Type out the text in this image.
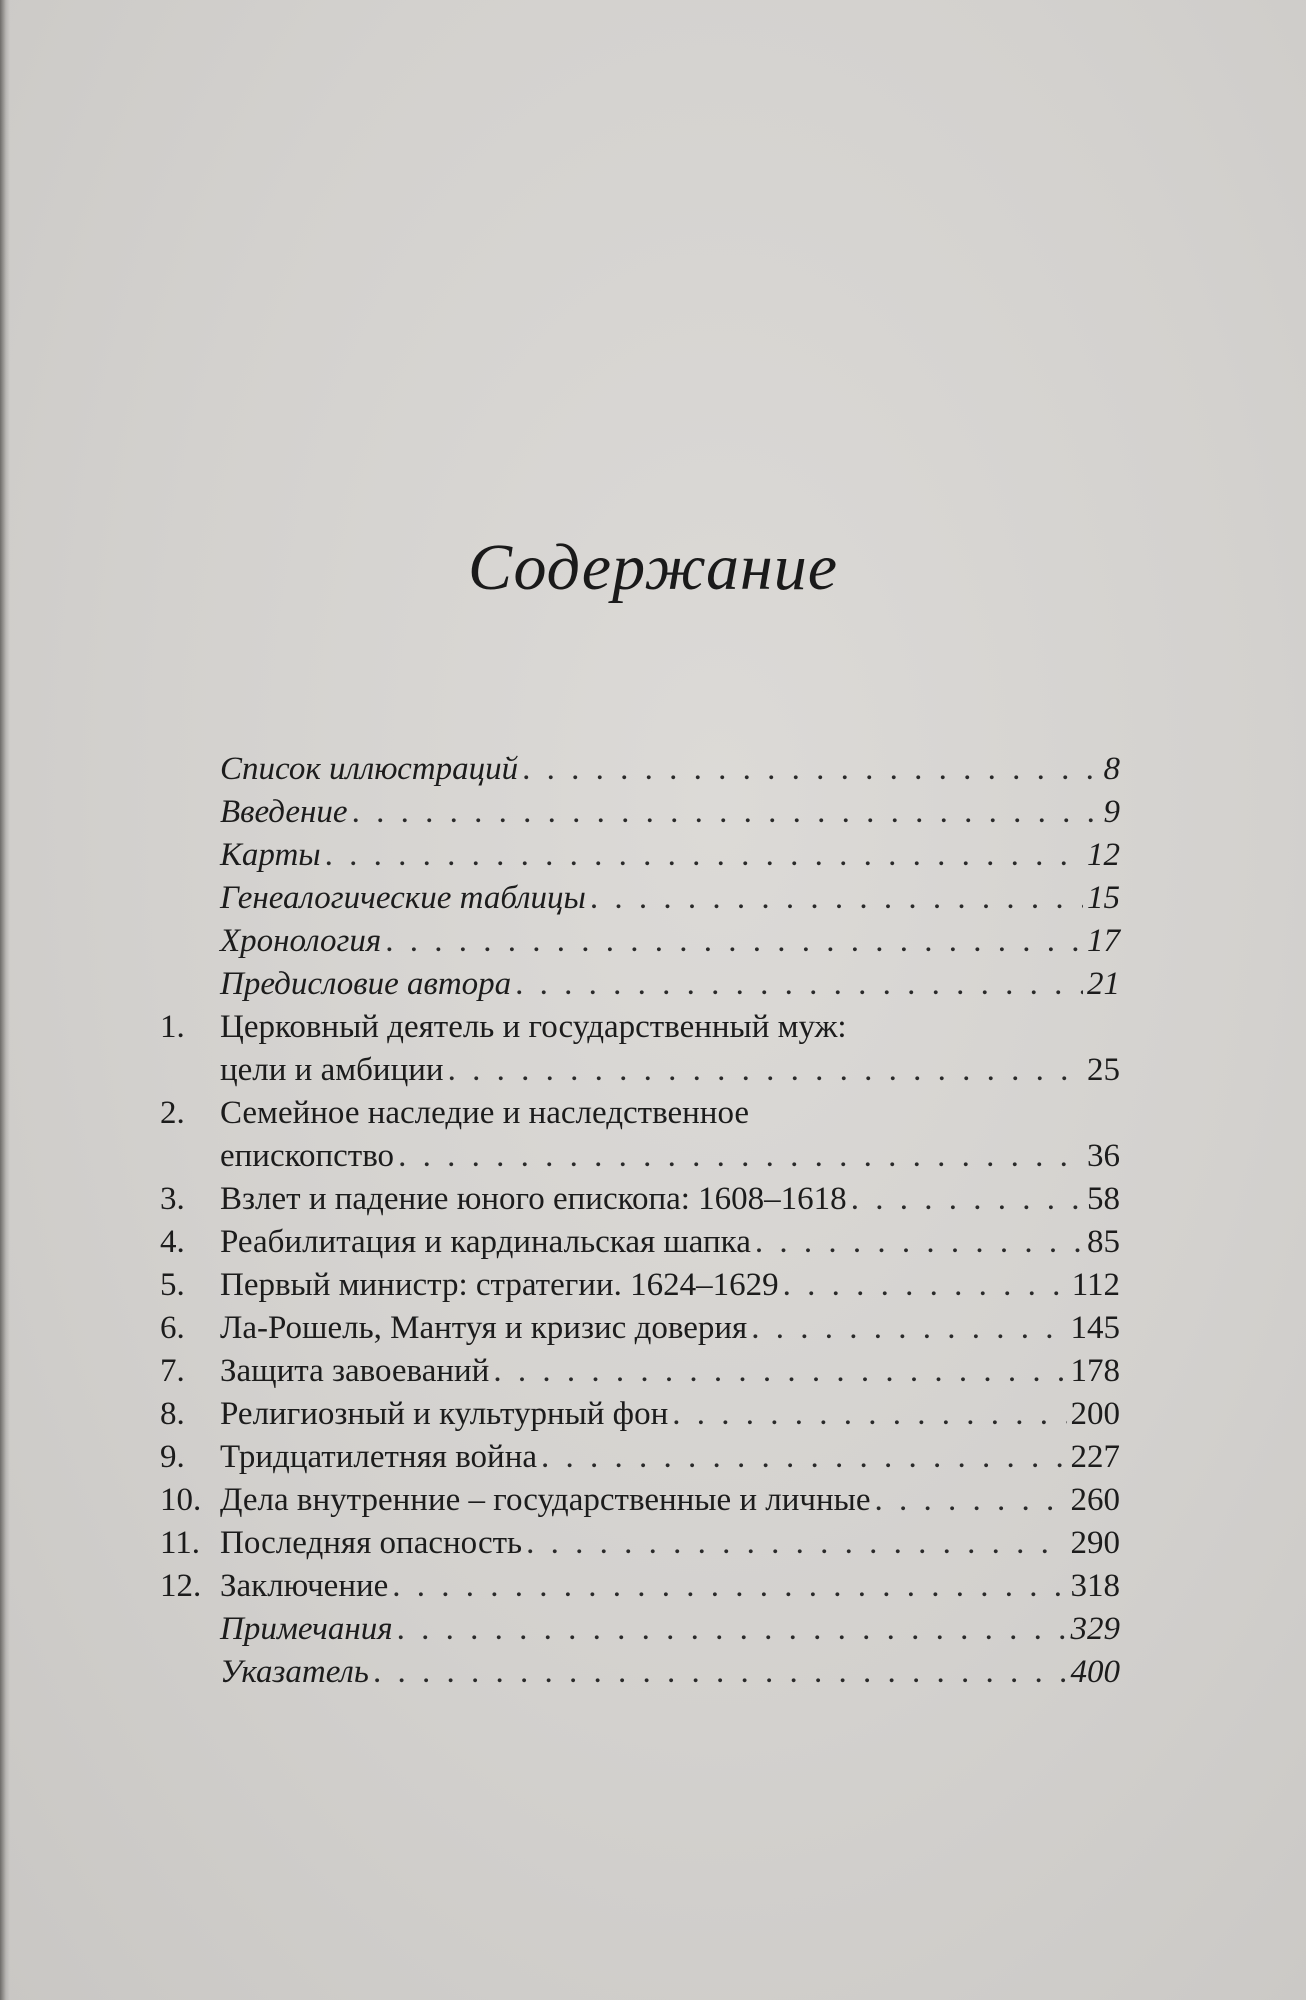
Содержание
Список иллюстраций . . .	8
Введение . . .	9
Карты . . .	12
Генеалогические таблицы . . .	15
Хронология . . .	17
Предисловие автора . . .	21
1. Церковный деятель и государственный муж:
цели и амбиции . . .	25
2. Семейное наследие и наследственное
епископство . . .	36
3. Взлет и падение юного епископа: 1608–1618 . . .	58
4. Реабилитация и кардинальская шапка . . .	85
5. Первый министр: стратегии. 1624–1629 . . .	112
6. Ла-Рошель, Мантуя и кризис доверия . . .	145
7. Защита завоеваний . . .	178
8. Религиозный и культурный фон . . .	200
9. Тридцатилетняя война . . .	227
10. Дела внутренние – государственные и личные . . .	260
11. Последняя опасность . . .	290
12. Заключение . . .	318
Примечания . . .	329
Указатель . . .	400
